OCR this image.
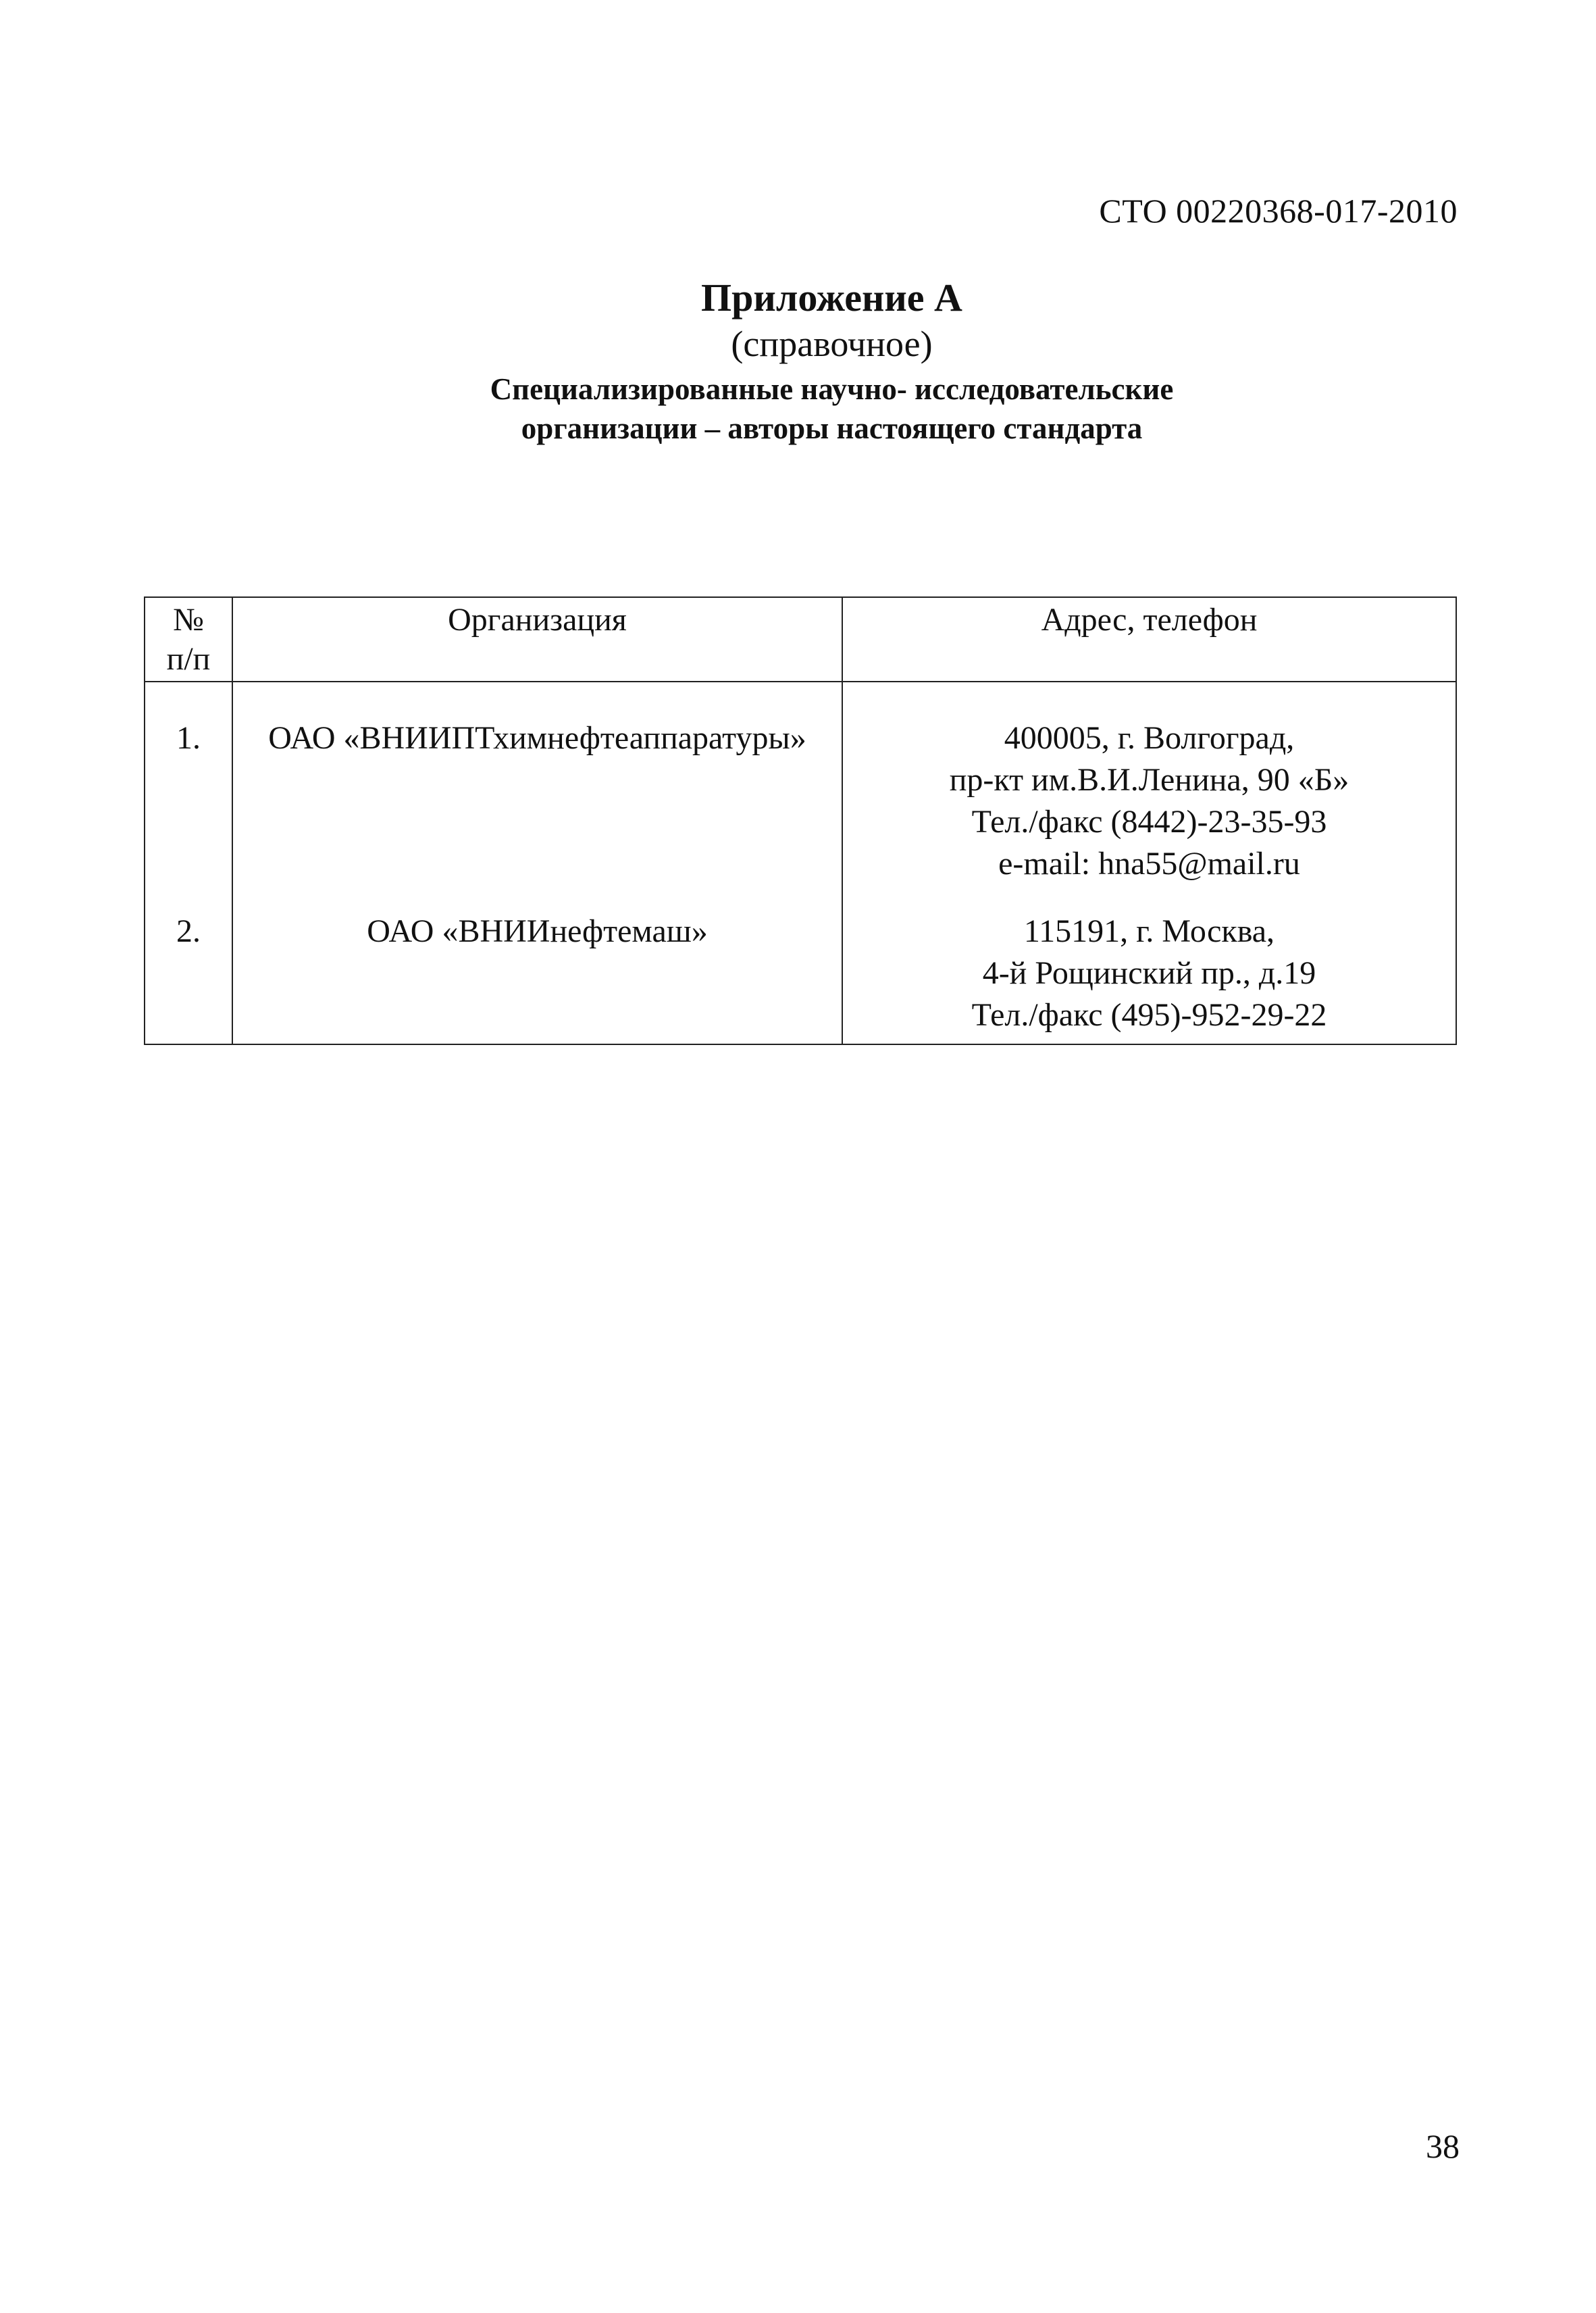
СТО 00220368-017-2010
Приложение А
(справочное)
Специализированные научно- исследовательские
организации – авторы настоящего стандарта
№
п/п	Организация	Адрес, телефон
1.	ОАО «ВНИИПТхимнефтеаппаратуры»	400005, г. Волгоград,
пр-кт им.В.И.Ленина, 90 «Б»
Тел./факс (8442)-23-35-93
e-mail: hna55@mail.ru

2.	ОАО «ВНИИнефтемаш»	115191, г. Москва,
4-й Рощинский пр., д.19
Тел./факс (495)-952-29-22
38
